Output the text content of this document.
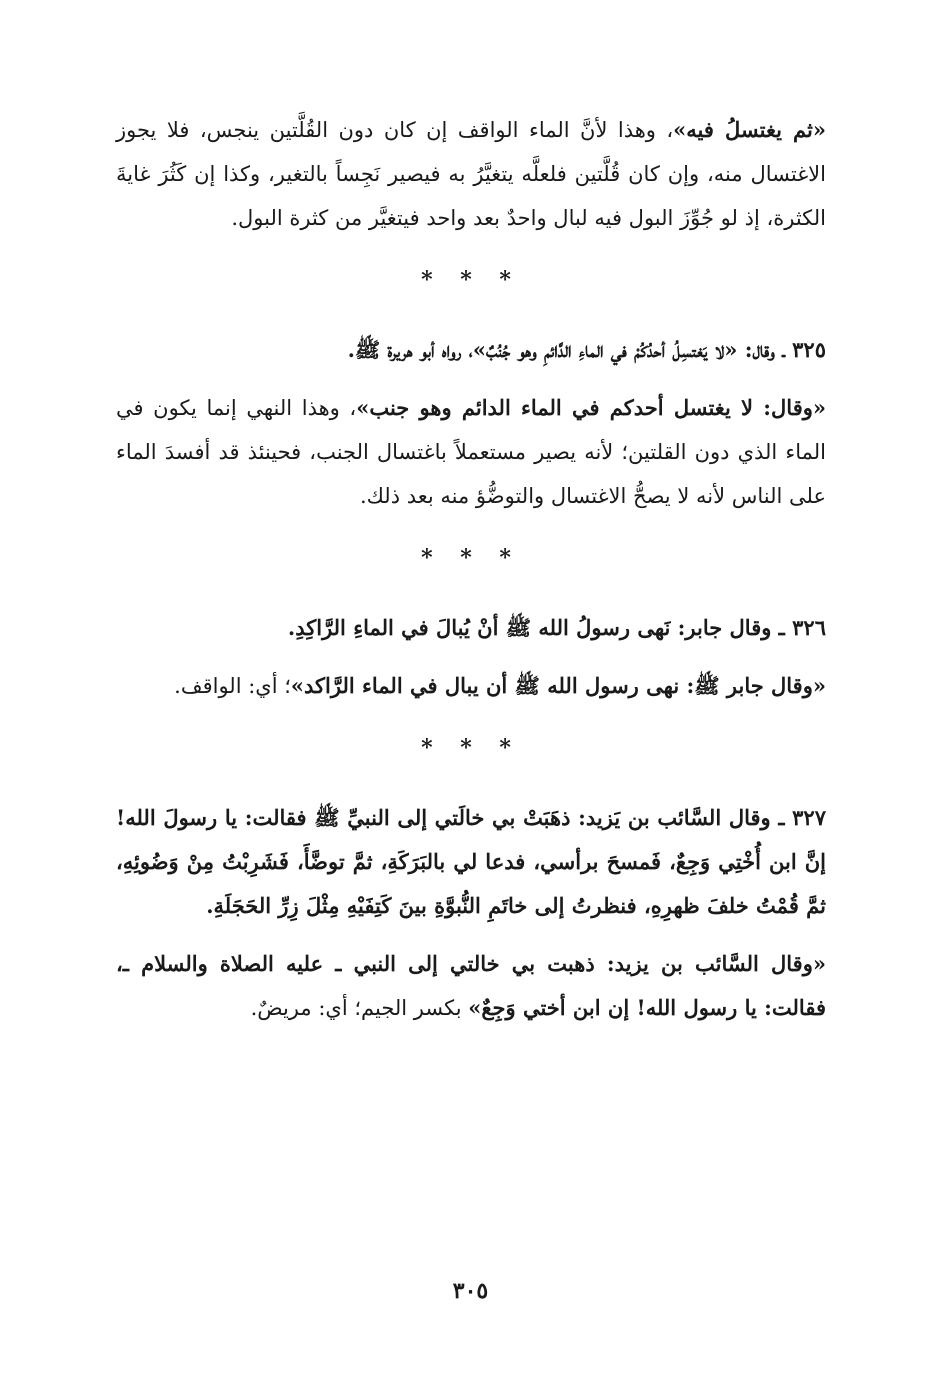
«ثم يغتسلُ فيه»، وهذا لأنَّ الماء الواقف إن كان دون القُلَّتين ينجس، فلا يجوز الاغتسال منه، وإن كان قُلَّتين فلعلَّه يتغيَّرُ به فيصير نَجِساً بالتغير، وكذا إن كَثُرَ غايةَ الكثرة، إذ لو جُوِّزَ البول فيه لبال واحدٌ بعد واحد فيتغيَّر من كثرة البول.

* * *

٣٢٥ ـ وقال: «لا يَغتسِلُ أحدُكُمْ في الماءِ الدَّائمِ وهو جُنُبٌ»، رواه أبو هريرة ﷺ.

«وقال: لا يغتسل أحدكم في الماء الدائم وهو جنب»، وهذا النهي إنما يكون في الماء الذي دون القلتين؛ لأنه يصير مستعملاً باغتسال الجنب، فحينئذ قد أفسدَ الماء على الناس لأنه لا يصحُّ الاغتسال والتوضُّؤ منه بعد ذلك.

* * *

٣٢٦ ـ وقال جابر: نَهى رسولُ الله ﷺ أنْ يُبالَ في الماءِ الرَّاكِدِ.

«وقال جابر ﷺ: نهى رسول الله ﷺ أن يبال في الماء الرَّاكد»؛ أي: الواقف.

* * *

٣٢٧ ـ وقال السَّائب بن يَزيد: ذهَبَتْ بي خالَتي إلى النبيِّ ﷺ فقالت: يا رسولَ الله! إنَّ ابن أُخْتِي وَجِعٌ، فَمسحَ برأسي، فدعا لي بالبَرَكَةِ، ثمَّ توضَّأَ، فَشَرِبْتُ مِنْ وَضُوئِهِ، ثمَّ قُمْتُ خلفَ ظهرِهِ، فنظرتُ إلى خاتَمِ النُّبوَّةِ بينَ كَتِفَيْهِ مِثْلَ زِرِّ الحَجَلَةِ.

«وقال السَّائب بن يزيد: ذهبت بي خالتي إلى النبي ـ عليه الصلاة والسلام ـ، فقالت: يا رسول الله! إن ابن أختي وَجِعٌ» بكسر الجيم؛ أي: مريضٌ.

٣٠٥
